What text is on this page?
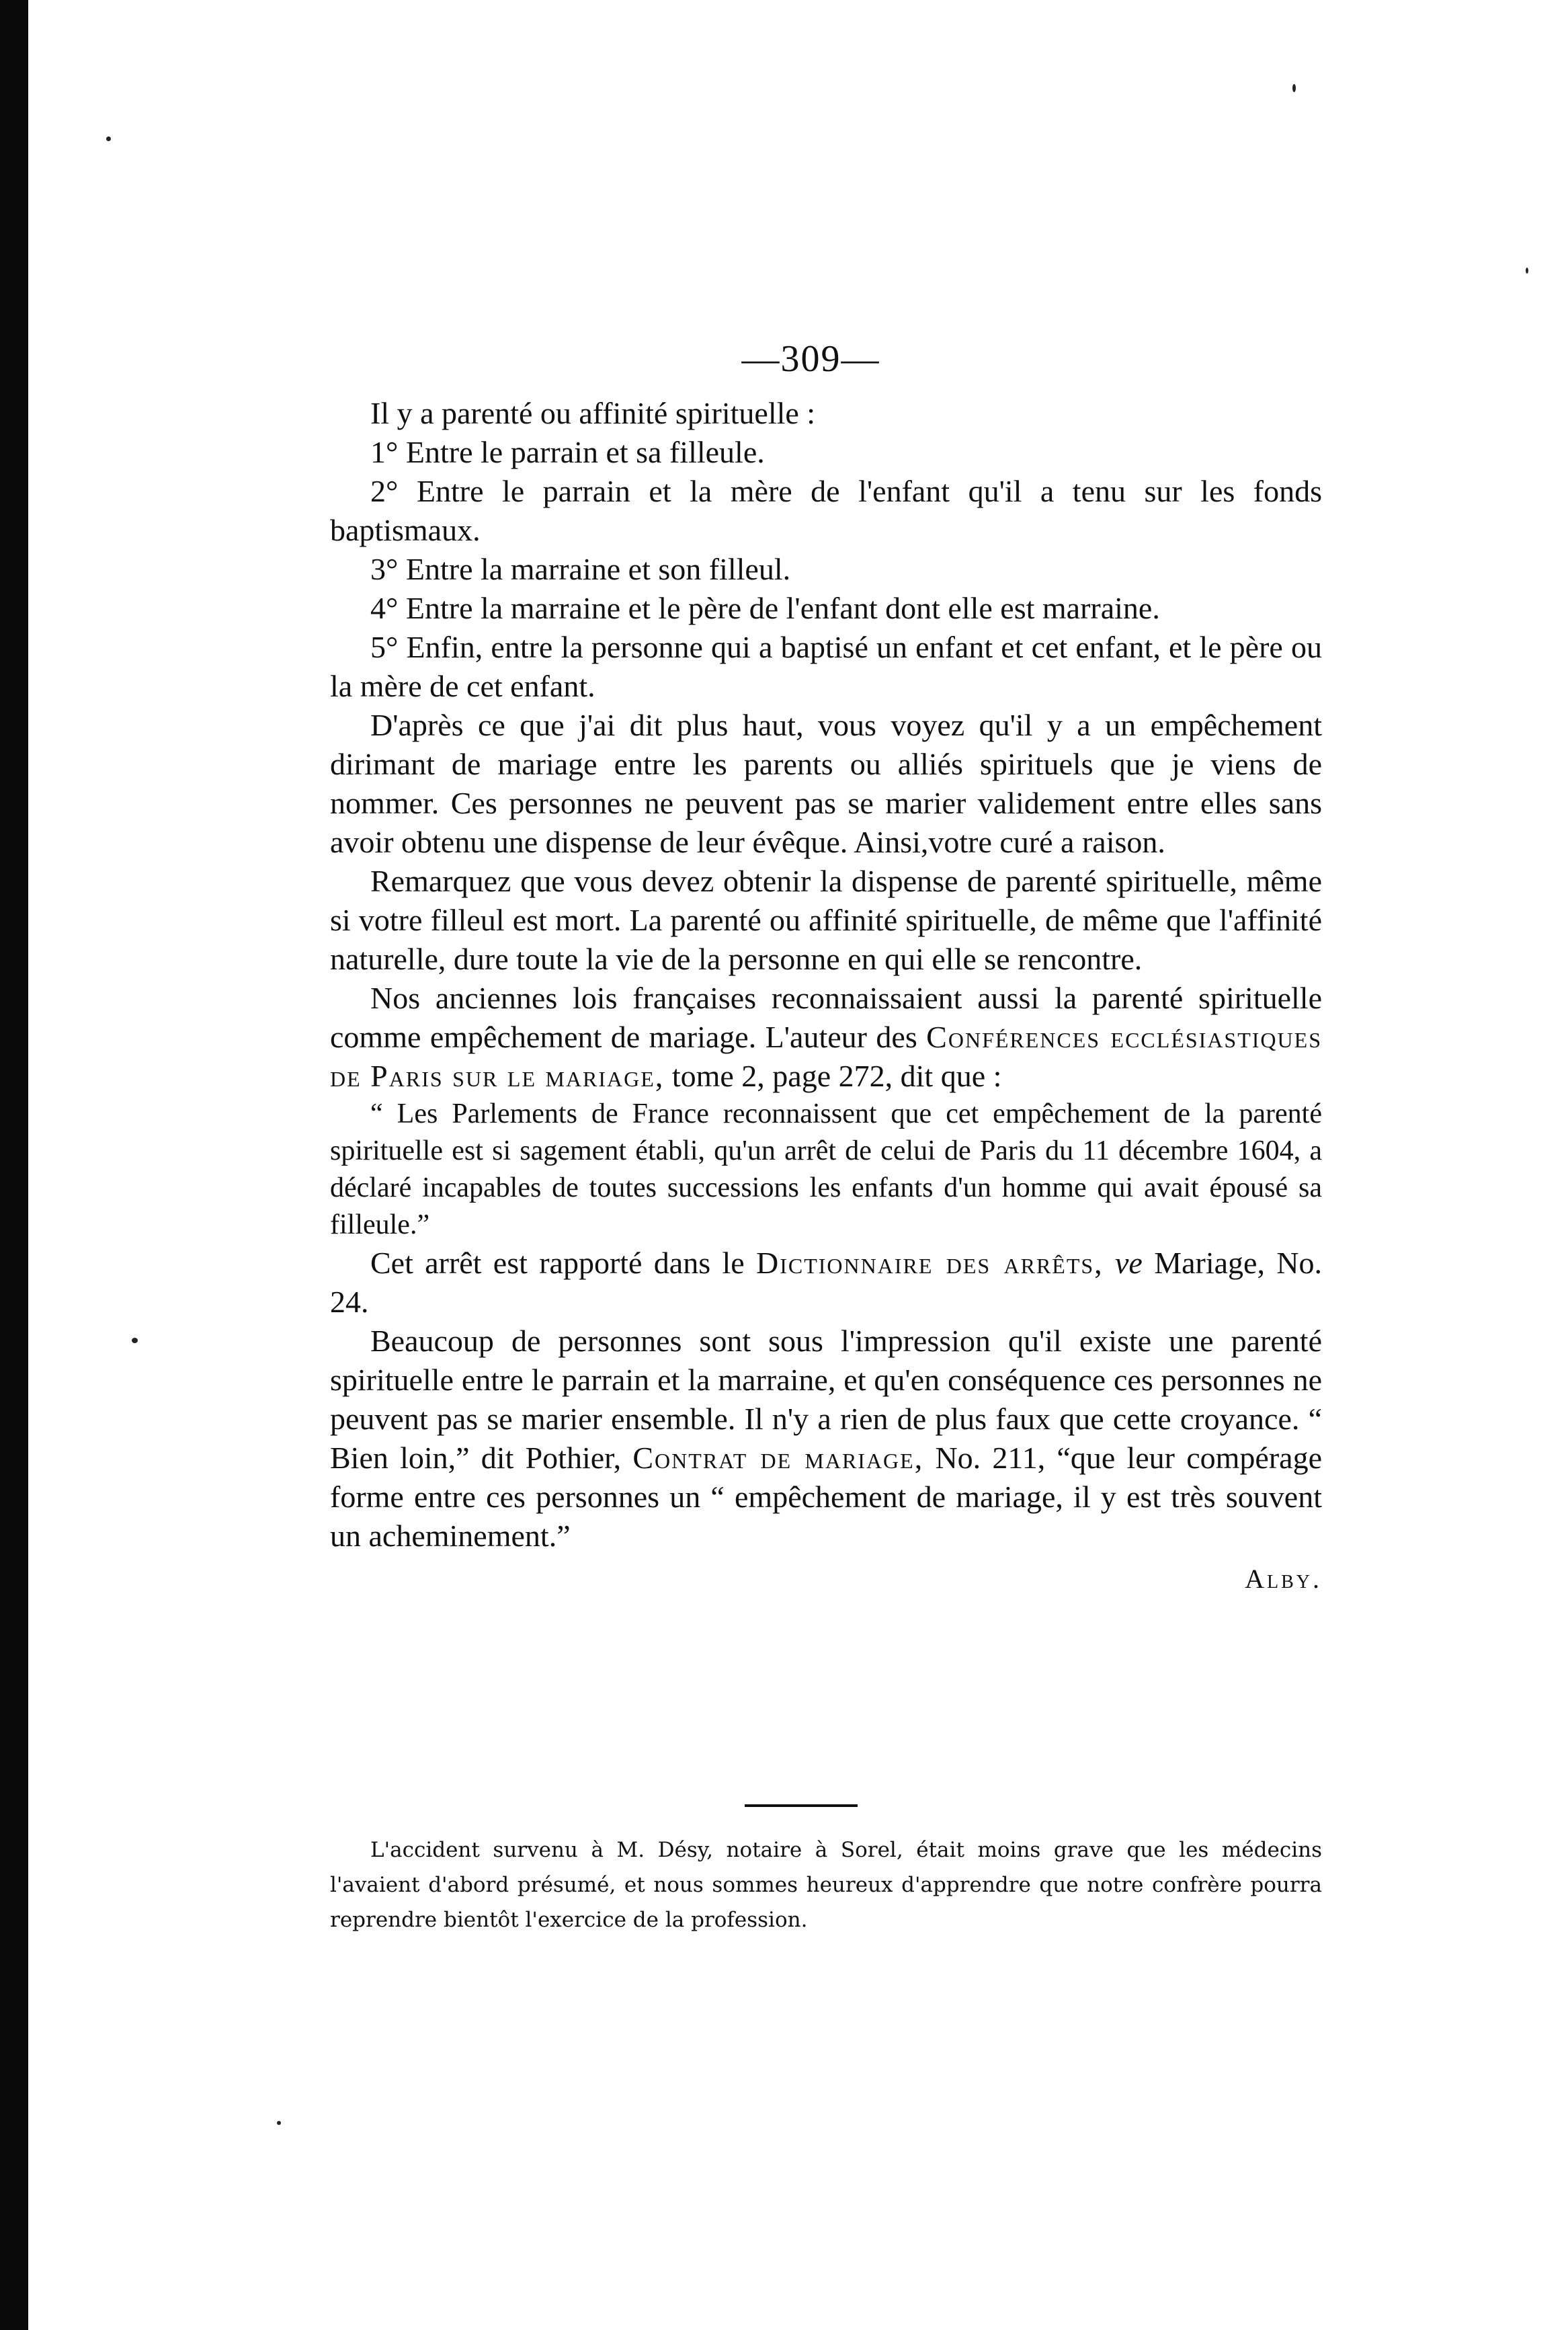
—309—

Il y a parenté ou affinité spirituelle :

1° Entre le parrain et sa filleule.

2° Entre le parrain et la mère de l'enfant qu'il a tenu sur les fonds baptismaux.

3° Entre la marraine et son filleul.

4° Entre la marraine et le père de l'enfant dont elle est marraine.

5° Enfin, entre la personne qui a baptisé un enfant et cet enfant, et le père ou la mère de cet enfant.

D'après ce que j'ai dit plus haut, vous voyez qu'il y a un empêchement dirimant de mariage entre les parents ou alliés spirituels que je viens de nommer. Ces personnes ne peuvent pas se marier validement entre elles sans avoir obtenu une dispense de leur évêque. Ainsi,votre curé a raison.

Remarquez que vous devez obtenir la dispense de parenté spirituelle, même si votre filleul est mort. La parenté ou affinité spirituelle, de même que l'affinité naturelle, dure toute la vie de la personne en qui elle se rencontre.

Nos anciennes lois françaises reconnaissaient aussi la parenté spirituelle comme empêchement de mariage. L'auteur des Conférences ecclésiastiques de Paris sur le mariage, tome 2, page 272, dit que :

“ Les Parlements de France reconnaissent que cet empêchement de la parenté spirituelle est si sagement établi, qu'un arrêt de celui de Paris du 11 décembre 1604, a déclaré incapables de toutes successions les enfants d'un homme qui avait épousé sa filleule.”

Cet arrêt est rapporté dans le Dictionnaire des arrêts, ve Mariage, No. 24.

Beaucoup de personnes sont sous l'impression qu'il existe une parenté spirituelle entre le parrain et la marraine, et qu'en conséquence ces personnes ne peuvent pas se marier ensemble. Il n'y a rien de plus faux que cette croyance. “ Bien loin,” dit Pothier, Contrat de mariage, No. 211, “que leur compérage forme entre ces personnes un “ empêchement de mariage, il y est très souvent un acheminement.”

Alby.
L'accident survenu à M. Désy, notaire à Sorel, était moins grave que les médecins l'avaient d'abord présumé, et nous sommes heureux d'apprendre que notre confrère pourra reprendre bientôt l'exercice de la profession.
